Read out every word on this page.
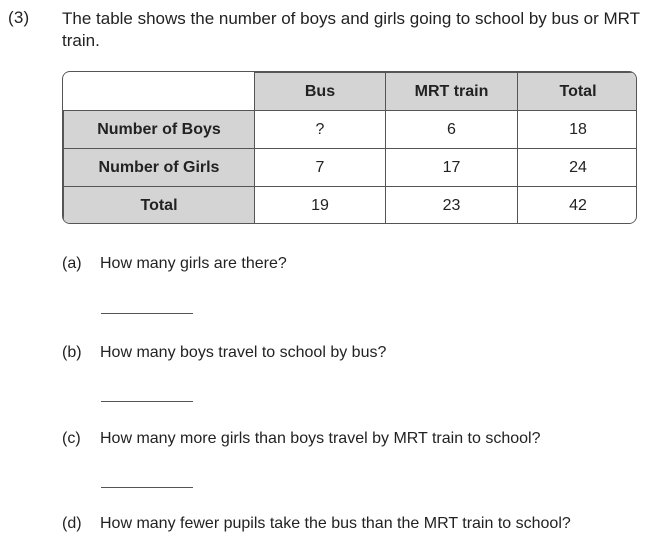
(3) The table shows the number of boys and girls going to school by bus or MRT train.
	Bus	MRT train	Total
Number of Boys	?	6	18
Number of Girls	7	17	24
Total	19	23	42
(a) How many girls are there?
(b) How many boys travel to school by bus?
(c) How many more girls than boys travel by MRT train to school?
(d) How many fewer pupils take the bus than the MRT train to school?
